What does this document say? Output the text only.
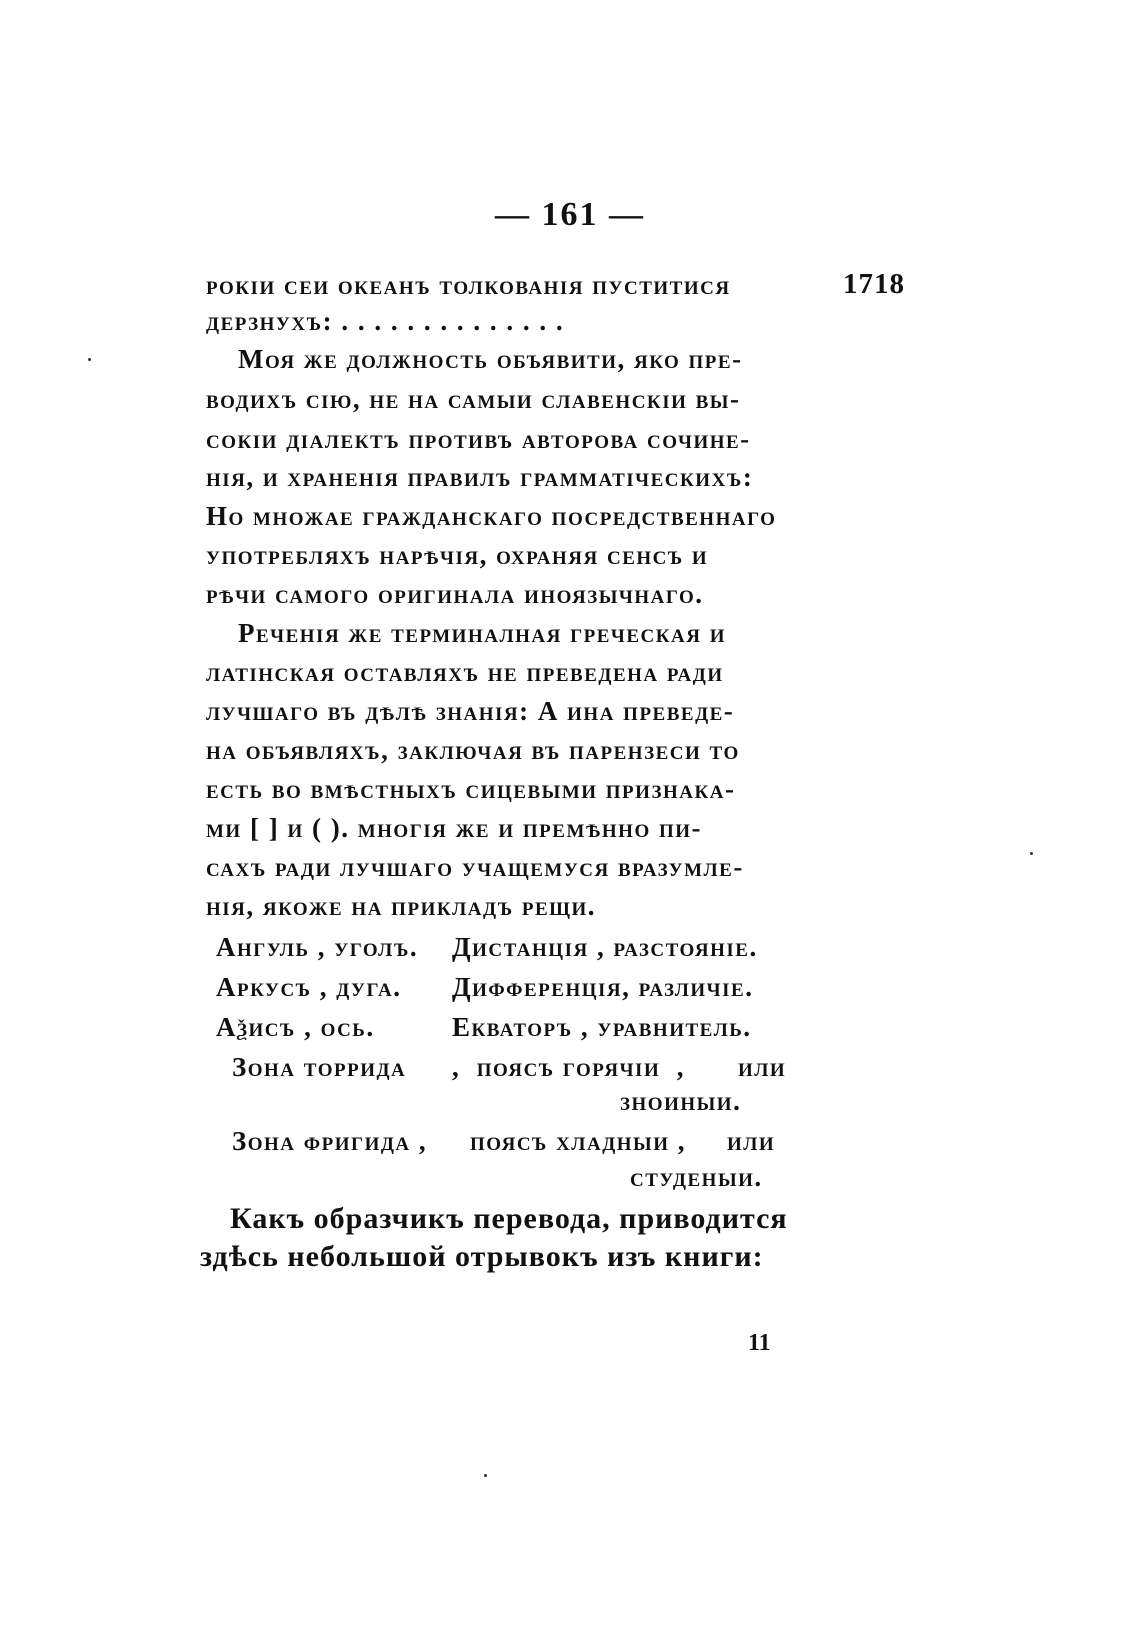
— 161 —
1718
рокіи сеи океанъ толкованія пуститися
дерзнухъ: . . . . . . . . . . . . . .
Моя же должность объявити, яко пре-
водихъ сію, не на самыи славенскіи вы-
сокіи діалектъ противъ авторова сочине-
нія, и храненія правилъ грамматіческихъ:
Но множае гражданскаго посредственнаго
употребляхъ нарѣчія, охраняя сенсъ и
рѣчи самого оригинала иноязычнаго.
Реченія же терминалная греческая и
латінская оставляхъ не преведена ради
лучшаго въ дѣлѣ знанія: А ина преведе-
на объявляхъ, заключая въ парензеси то
есть во вмѣстныхъ сицевыми признака-
ми [ ] и ( ). многія же и премѣнно пи-
сахъ ради лучшаго учащемуся вразумле-
нія, якоже на прикладъ рещи.
Ангуль , уголъ.
Аркусъ , дуга.
Аѯисъ , ось.
Дистанція , разстояніе.
Дифференція, различіе.
Екваторъ , уравнитель.
Зона торрида ,  поясъ горячіи  , или
зноиныи.
Зона фригида , поясъ хладныи , или
студеныи.
Какъ образчикъ перевода, приводится
здѣсь небольшой отрывокъ изъ книги:
11
